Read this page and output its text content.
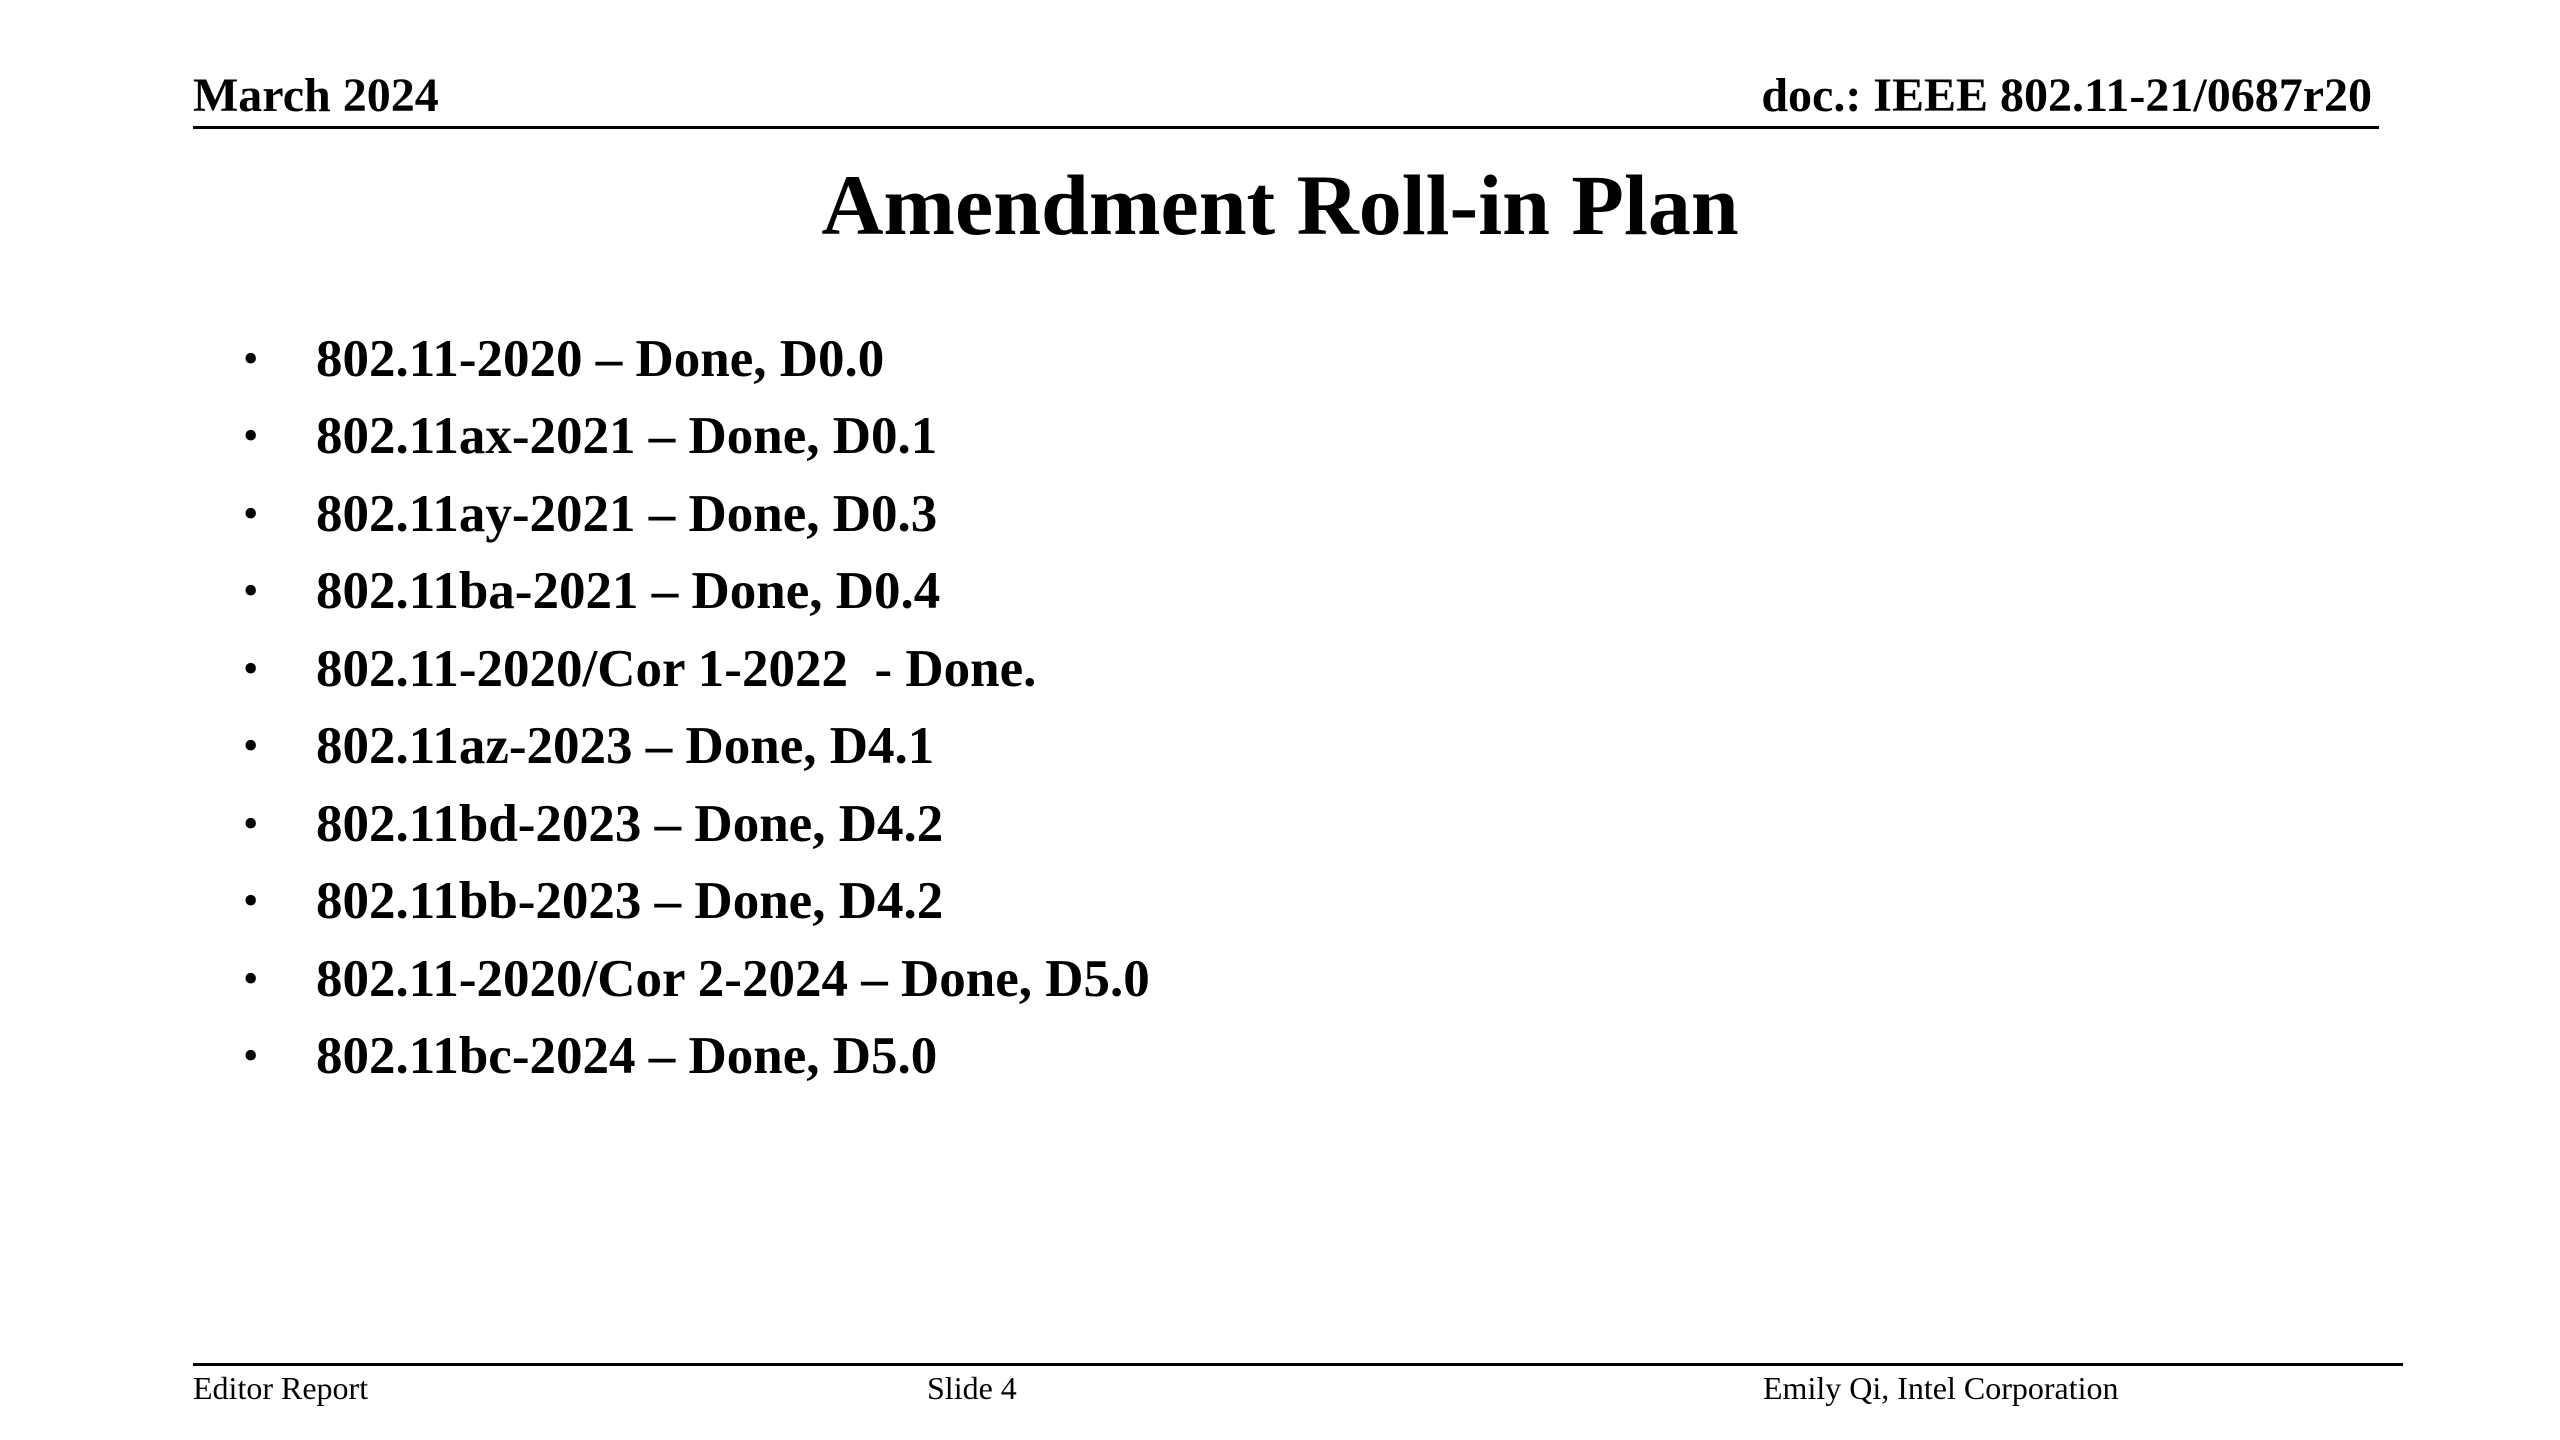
March 2024	doc.: IEEE 802.11-21/0687r20
Amendment Roll-in Plan
•	802.11-2020 – Done, D0.0
•	802.11ax-2021 – Done, D0.1
•	802.11ay-2021 – Done, D0.3
•	802.11ba-2021 – Done, D0.4
•	802.11-2020/Cor 1-2022  - Done.
•	802.11az-2023 – Done, D4.1
•	802.11bd-2023 – Done, D4.2
•	802.11bb-2023 – Done, D4.2
•	802.11-2020/Cor 2-2024 – Done, D5.0
•	802.11bc-2024 – Done, D5.0
Editor Report	Slide 4	Emily Qi, Intel Corporation
